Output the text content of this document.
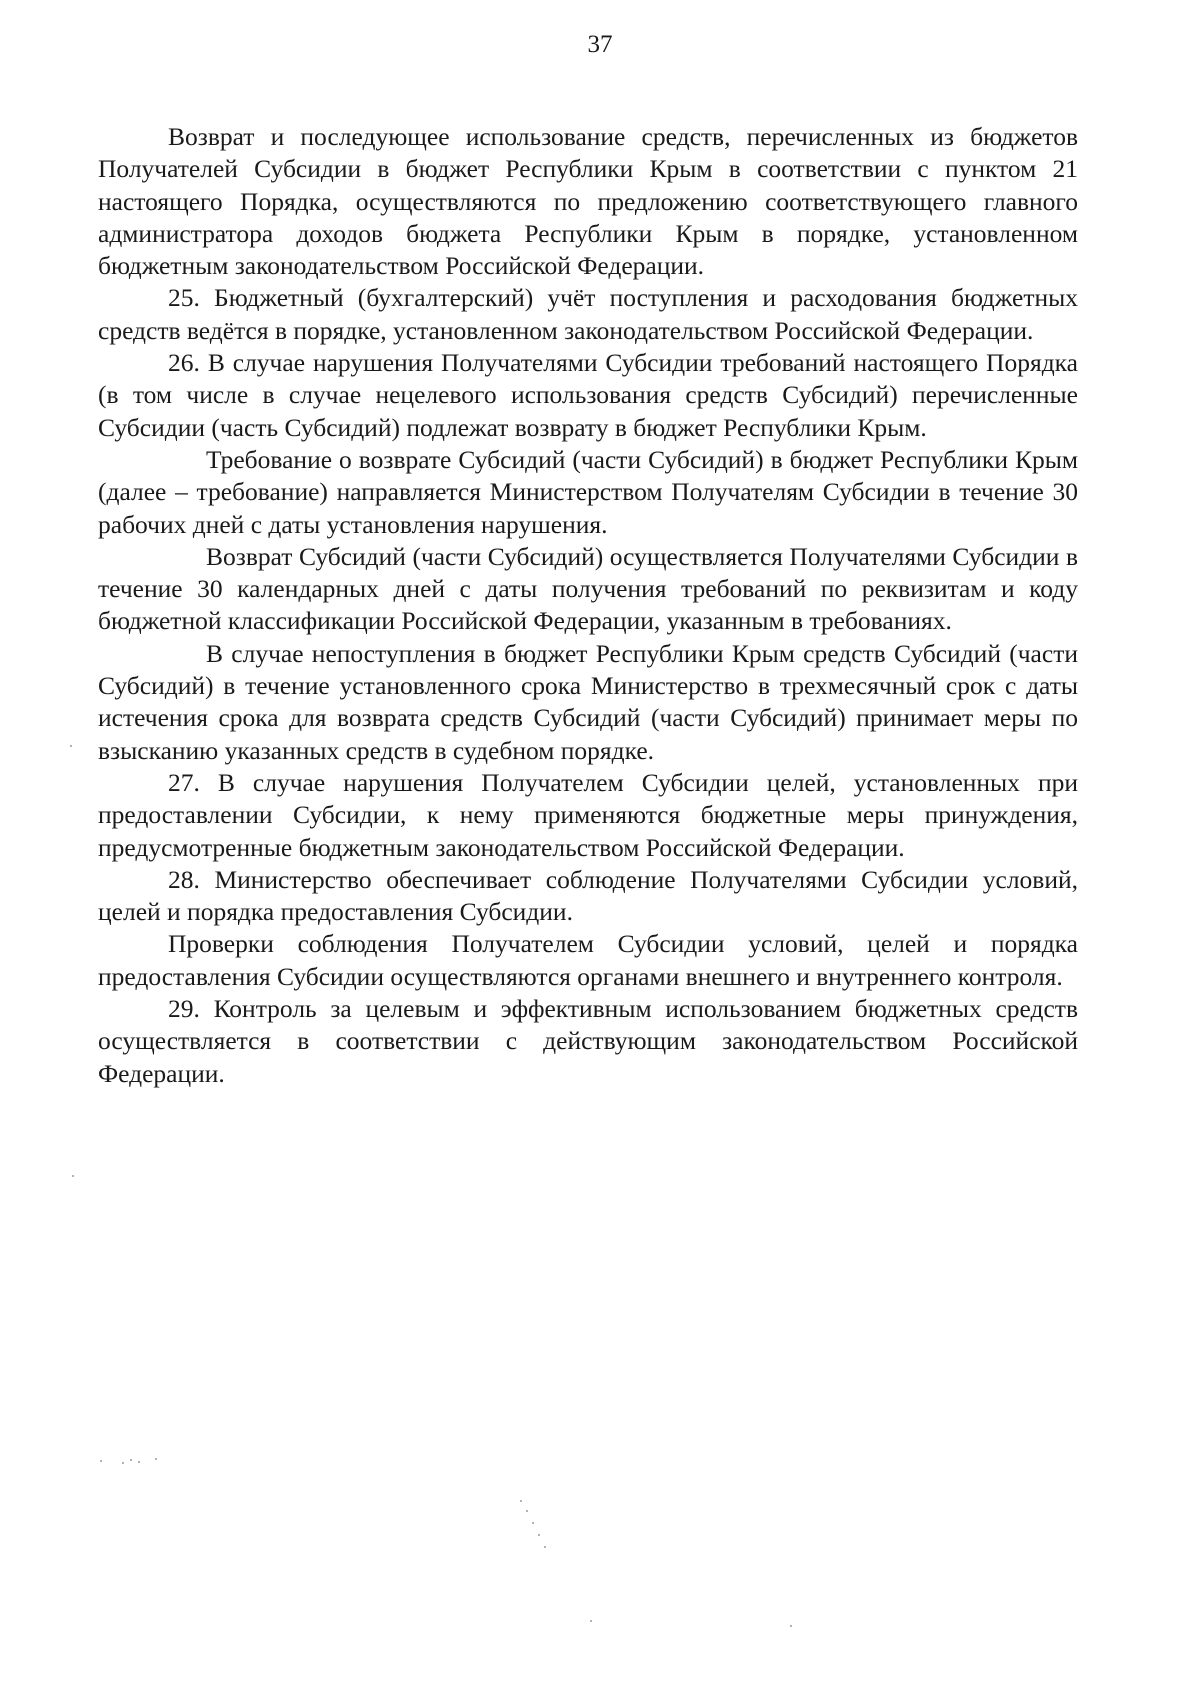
37

Возврат и последующее использование средств, перечисленных из бюджетов Получателей Субсидии в бюджет Республики Крым в соответствии с пунктом 21 настоящего Порядка, осуществляются по предложению соответствующего главного администратора доходов бюджета Республики Крым в порядке, установленном бюджетным законодательством Российской Федерации.

25. Бюджетный (бухгалтерский) учёт поступления и расходования бюджетных средств ведётся в порядке, установленном законодательством Российской Федерации.

26. В случае нарушения Получателями Субсидии требований настоящего Порядка (в том числе в случае нецелевого использования средств Субсидий) перечисленные Субсидии (часть Субсидий) подлежат возврату в бюджет Республики Крым.

Требование о возврате Субсидий (части Субсидий) в бюджет Республики Крым (далее – требование) направляется Министерством Получателям Субсидии в течение 30 рабочих дней с даты установления нарушения.

Возврат Субсидий (части Субсидий) осуществляется Получателями Субсидии в течение 30 календарных дней с даты получения требований по реквизитам и коду бюджетной классификации Российской Федерации, указанным в требованиях.

В случае непоступления в бюджет Республики Крым средств Субсидий (части Субсидий) в течение установленного срока Министерство в трехмесячный срок с даты истечения срока для возврата средств Субсидий (части Субсидий) принимает меры по взысканию указанных средств в судебном порядке.

27. В случае нарушения Получателем Субсидии целей, установленных при предоставлении Субсидии, к нему применяются бюджетные меры принуждения, предусмотренные бюджетным законодательством Российской Федерации.

28. Министерство обеспечивает соблюдение Получателями Субсидии условий, целей и порядка предоставления Субсидии.

Проверки соблюдения Получателем Субсидии условий, целей и порядка предоставления Субсидии осуществляются органами внешнего и внутреннего контроля.

29. Контроль за целевым и эффективным использованием бюджетных средств осуществляется в соответствии с действующим законодательством Российской Федерации.
